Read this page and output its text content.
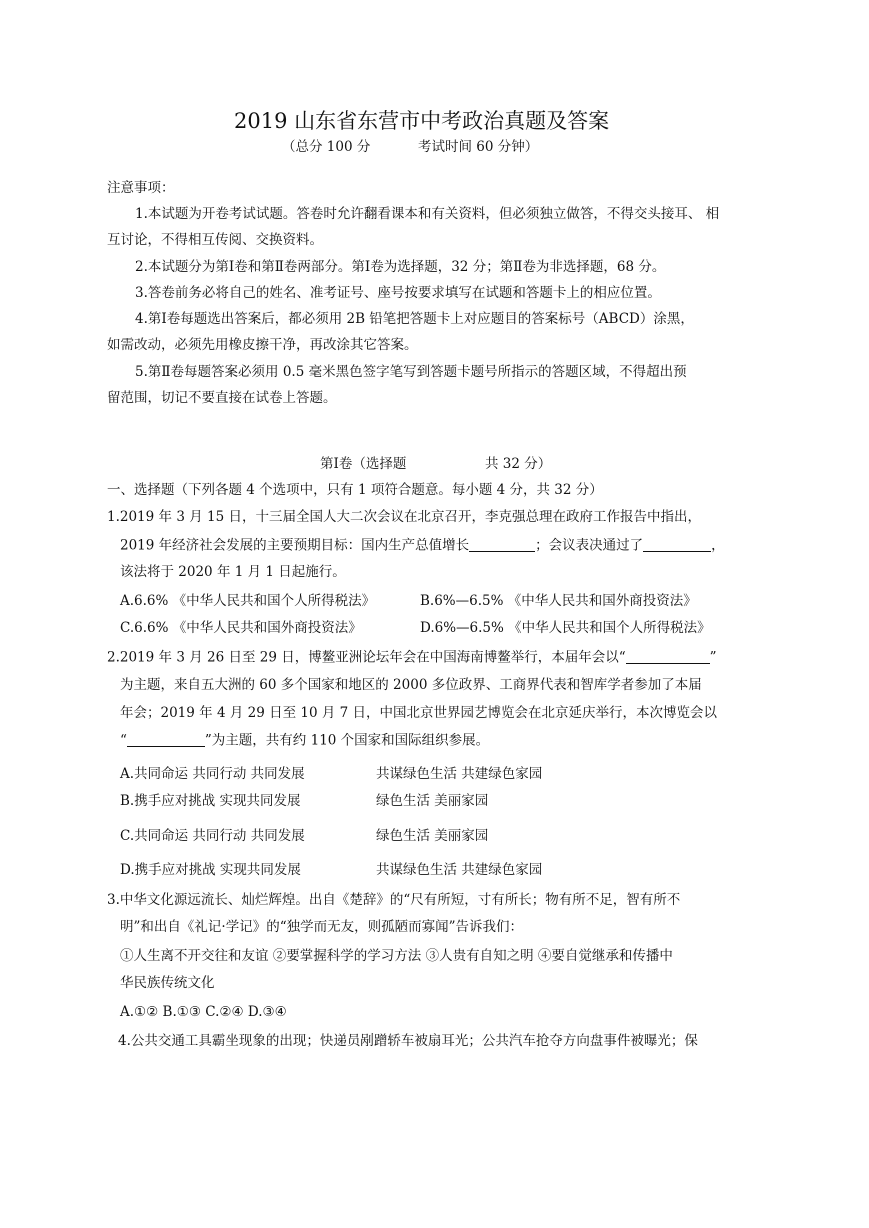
2019 山东省东营市中考政治真题及答案
（总分 100 分	考试时间 60 分钟）
注意事项：
1.本试题为开卷考试试题。答卷时允许翻看课本和有关资料，但必须独立做答，不得交头接耳、 相
互讨论，不得相互传阅、交换资料。
2.本试题分为第Ⅰ卷和第Ⅱ卷两部分。第Ⅰ卷为选择题，32 分；第Ⅱ卷为非选择题，68 分。
3.答卷前务必将自己的姓名、准考证号、座号按要求填写在试题和答题卡上的相应位置。
4.第Ⅰ卷每题选出答案后，都必须用 2B 铅笔把答题卡上对应题目的答案标号（ABCD）涂黑，
如需改动，必须先用橡皮擦干净，再改涂其它答案。
5.第Ⅱ卷每题答案必须用 0.5 毫米黑色签字笔写到答题卡题号所指示的答题区域，不得超出预
留范围，切记不要直接在试卷上答题。
第Ⅰ卷（选择题	共 32 分）
一、选择题（下列各题 4 个选项中，只有 1 项符合题意。每小题 4 分，共 32 分）
1.2019 年 3 月 15 日，十三届全国人大二次会议在北京召开，李克强总理在政府工作报告中指出，
2019 年经济社会发展的主要预期目标：国内生产总值增长	；会议表决通过了	，
该法将于 2020 年 1 月 1 日起施行。
A.6.6% 《中华人民共和国个人所得税法》	B.6%—6.5% 《中华人民共和国外商投资法》
C.6.6% 《中华人民共和国外商投资法》	D.6%—6.5% 《中华人民共和国个人所得税法》
2.2019 年 3 月 26 日至 29 日，博鳌亚洲论坛年会在中国海南博鳌举行，本届年会以“	”
为主题，来自五大洲的 60 多个国家和地区的 2000 多位政界、工商界代表和智库学者参加了本届
年会；2019 年 4 月 29 日至 10 月 7 日，中国北京世界园艺博览会在北京延庆举行，本次博览会以
“	”为主题，共有约 110 个国家和国际组织参展。
A.共同命运 共同行动 共同发展	共谋绿色生活 共建绿色家园
B.携手应对挑战 实现共同发展	绿色生活 美丽家园
C.共同命运 共同行动 共同发展	绿色生活 美丽家园
D.携手应对挑战 实现共同发展	共谋绿色生活 共建绿色家园
3.中华文化源远流长、灿烂辉煌。出自《楚辞》的“尺有所短，寸有所长；物有所不足，智有所不
明”和出自《礼记·学记》的“独学而无友，则孤陋而寡闻”告诉我们：
①人生离不开交往和友谊 ②要掌握科学的学习方法 ③人贵有自知之明 ④要自觉继承和传播中
华民族传统文化
A.①② B.①③ C.②④ D.③④
4.公共交通工具霸坐现象的出现；快递员剐蹭轿车被扇耳光；公共汽车抢夺方向盘事件被曝光；保
